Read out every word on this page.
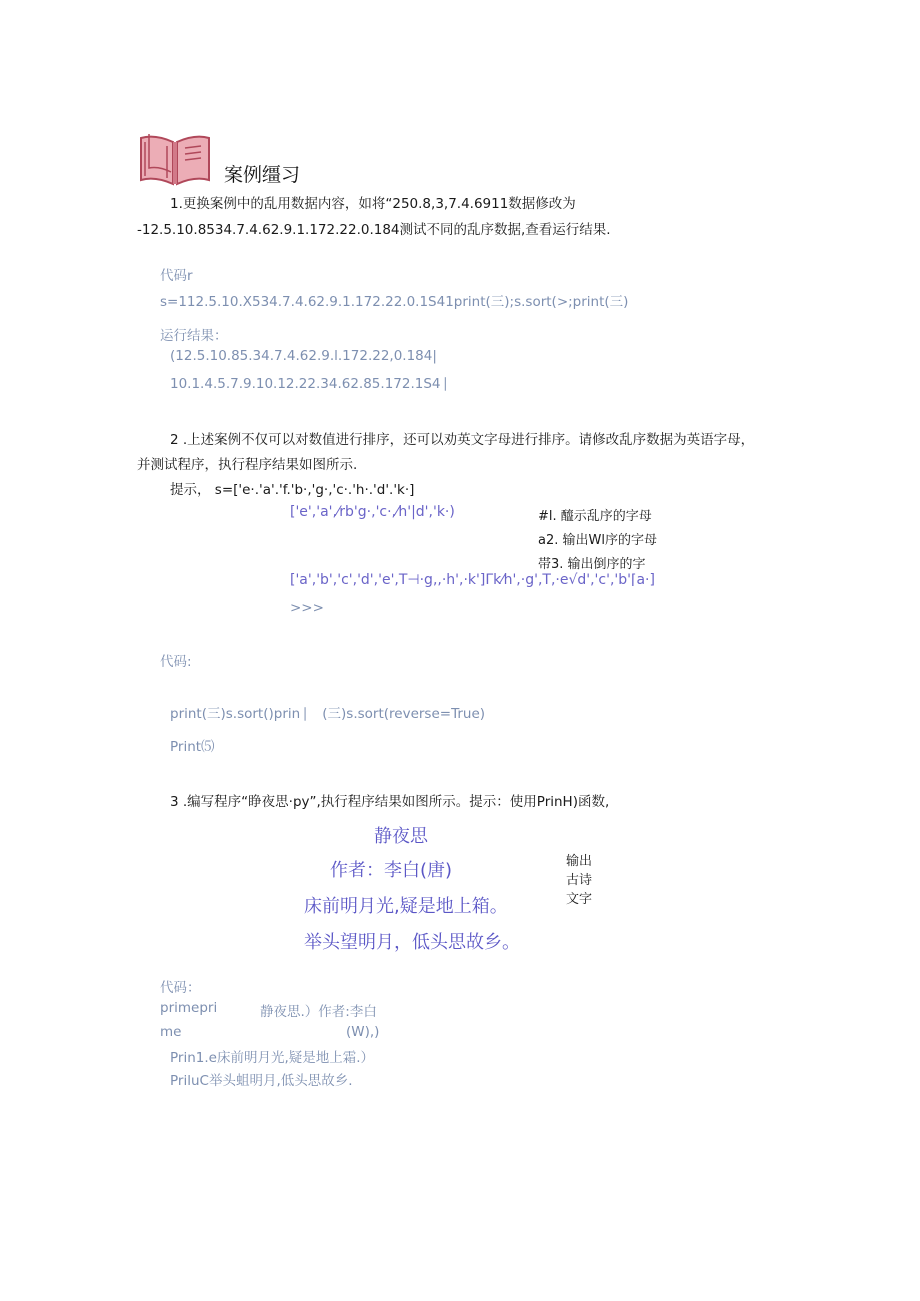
案例缰习
1.更换案例中的乱用数据内容，如将“250.8,3,7.4.6911数据修改为
-12.5.10.8534.7.4.62.9.1.172.22.0.184测试不同的乱序数据,查看运行结果.
代码r
s=112.5.10.X534.7.4.62.9.1.172.22.0.1S41print(三);s.sort(>;print(三)
运行结果：
(12.5.10.85.34.7.4.62.9.l.172.22,0.184|
10.1.4.5.7.9.10.12.22.34.62.85.172.1S4 ⎸
2 .上述案例不仅可以对数值进行排序，还可以劝英文字母进行排序。请修改乱序数据为英语字母，
并测试程序，执行程序结果如图所示.
提示， s=['e·.'a'.'f.'b·,'g·,'c·.'h·.'d'.'k·]
['e','a',⁄rb'g·,'c·,⁄h'|d','k·)	#l. 醯示乱序的字母
a2. 输出Wl序的字母
帯3. 输出倒序的字
['a','b','c','d','e',T⊣·g,,·h',·k']Γk⁄h',·g',T,·e√d','c','b'⌈a·]
>>>
代码:
print(三)s.sort()prin ⎸ (三)s.sort(reverse=True)
Print⑸
3 .编写程序“睁夜思·py”,执行程序结果如图所示。提示：使用PrinH)函数,
静夜思
作者：李白(唐)
床前明月光,疑是地上箱。
举头望明月，低头思故乡。
输出
古诗
文字
代码：
primepri	静夜思.）作者:李白
me	(W),)
Prin1.e床前明月光,疑是地上霜.）
PriluC举头蛆明月,低头思故乡.
